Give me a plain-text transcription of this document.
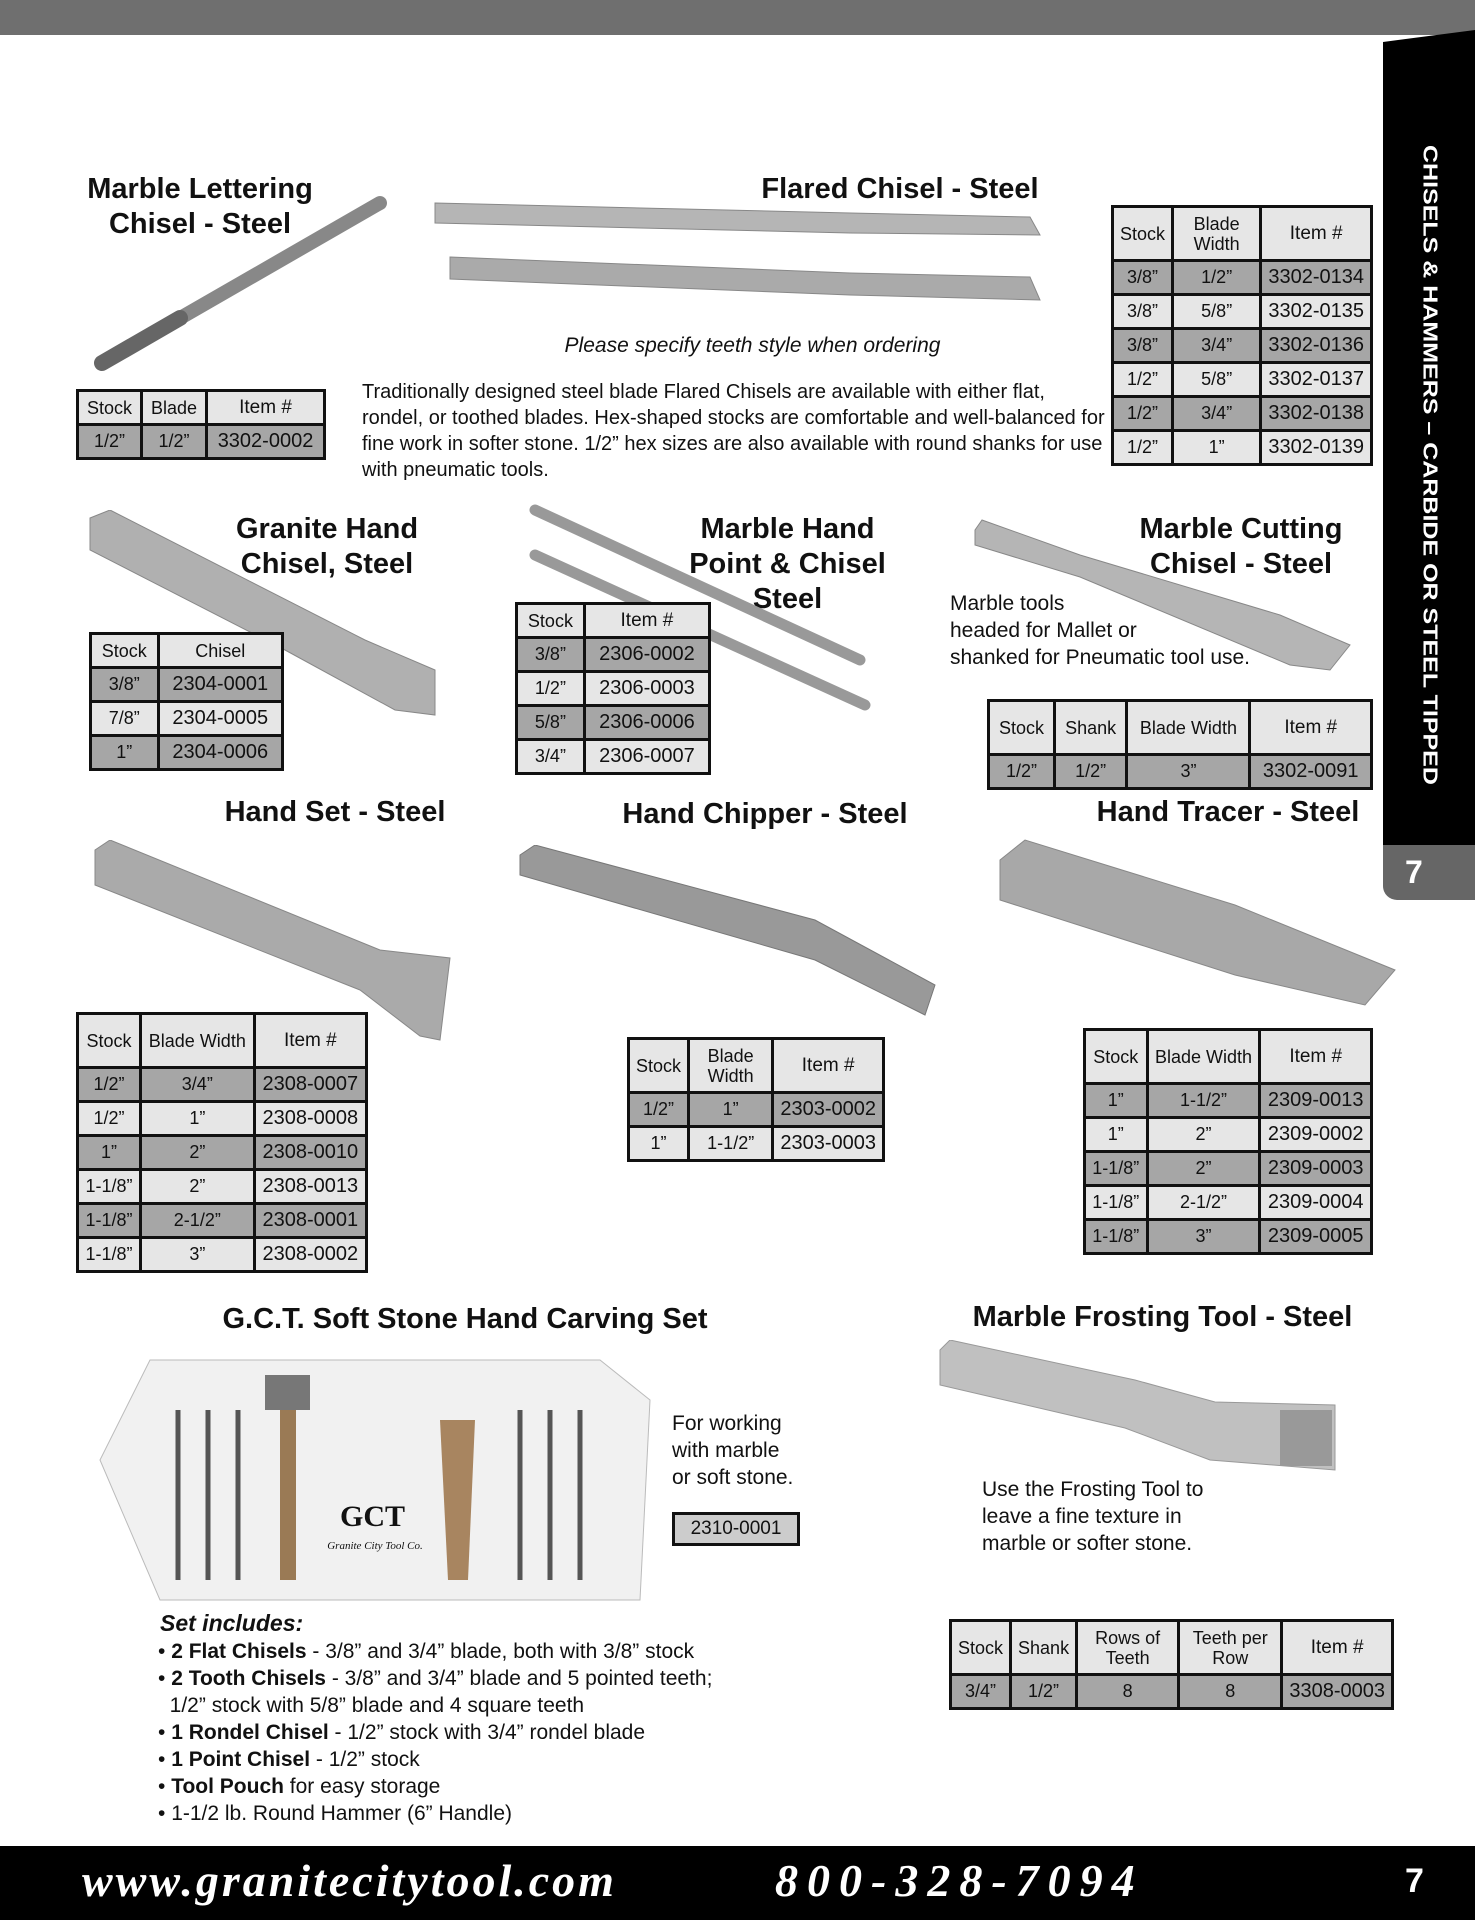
CHISELS & HAMMERS – CARBIDE OR STEEL TIPPED
7
Marble Lettering
Chisel - Steel
Stock	Blade	Item #
1/2”	1/2”	3302-0002
Flared Chisel - Steel
Please specify teeth style when ordering
Traditionally designed steel blade Flared Chisels are available with either flat, rondel, or toothed blades. Hex-shaped stocks are comfortable and well-balanced for fine work in softer stone. 1/2” hex sizes are also available with round shanks for use with pneumatic tools.
Stock	Blade Width	Item #
3/8”	1/2”	3302-0134
3/8”	5/8”	3302-0135
3/8”	3/4”	3302-0136
1/2”	5/8”	3302-0137
1/2”	3/4”	3302-0138
1/2”	1”	3302-0139
Granite Hand
Chisel, Steel
Stock	Chisel
3/8”	2304-0001
7/8”	2304-0005
1”	2304-0006
Marble Hand
Point & Chisel
Steel
Stock	Item #
3/8”	2306-0002
1/2”	2306-0003
5/8”	2306-0006
3/4”	2306-0007
Marble Cutting
Chisel - Steel
Marble tools
headed for Mallet or
shanked for Pneumatic tool use.
Stock	Shank	Blade Width	Item #
1/2”	1/2”	3”	3302-0091
Hand Set - Steel
Stock	Blade Width	Item #
1/2”	3/4”	2308-0007
1/2”	1”	2308-0008
1”	2”	2308-0010
1-1/8”	2”	2308-0013
1-1/8”	2-1/2”	2308-0001
1-1/8”	3”	2308-0002
Hand Chipper - Steel
Stock	Blade Width	Item #
1/2”	1”	2303-0002
1”	1-1/2”	2303-0003
Hand Tracer - Steel
Stock	Blade Width	Item #
1”	1-1/2”	2309-0013
1”	2”	2309-0002
1-1/8”	2”	2309-0003
1-1/8”	2-1/2”	2309-0004
1-1/8”	3”	2309-0005
G.C.T. Soft Stone Hand Carving Set
GCT
Granite City Tool Co.
For working
with marble
or soft stone.
2310-0001
Set includes:
• 2 Flat Chisels - 3/8” and 3/4” blade, both with 3/8” stock
• 2 Tooth Chisels - 3/8” and 3/4” blade and 5 pointed teeth;
1/2” stock with 5/8” blade and 4 square teeth
• 1 Rondel Chisel - 1/2” stock with 3/4” rondel blade
• 1 Point Chisel - 1/2” stock
• Tool Pouch for easy storage
• 1-1/2 lb. Round Hammer (6” Handle)
Marble Frosting Tool - Steel
Use the Frosting Tool to
leave a fine texture in
marble or softer stone.
Stock	Shank	Rows of Teeth	Teeth per Row	Item #
3/4”	1/2”	8	8	3308-0003
www.granitecitytool.com	800-328-7094	7
